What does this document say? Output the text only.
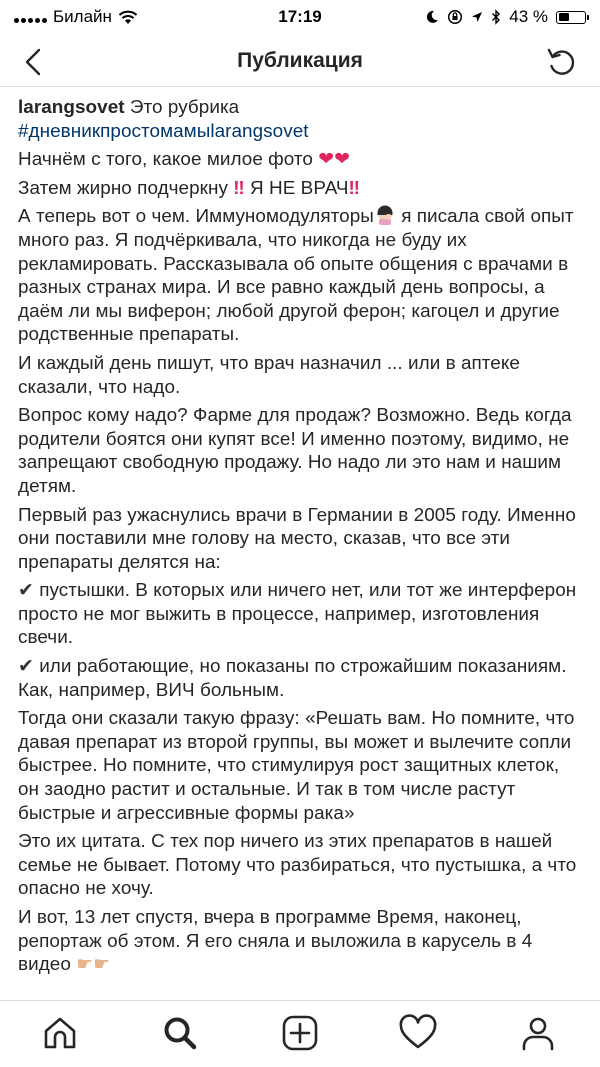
Билайн	17:19	43 %
Публикация

larangsovet Это рубрика
#дневникпростомамыlarangsovet

Начнём с того, какое милое фото ❤❤

Затем жирно подчеркну ‼ Я НЕ ВРАЧ‼

А теперь вот о чем. Иммуномодуляторы я писала свой опыт много раз. Я подчёркивала, что никогда не буду их рекламировать. Рассказывала об опыте общения с врачами в разных странах мира. И все равно каждый день вопросы, а даём ли мы виферон; любой другой ферон; кагоцел и другие родственные препараты.

И каждый день пишут, что врач назначил ... или в аптеке сказали, что надо.

Вопрос кому надо? Фарме для продаж? Возможно. Ведь когда родители боятся они купят все! И именно поэтому, видимо, не запрещают свободную продажу. Но надо ли это нам и нашим детям.

Первый раз ужаснулись врачи в Германии в 2005 году. Именно они поставили мне голову на место, сказав, что все эти препараты делятся на:

✔ пустышки. В которых или ничего нет, или тот же интерферон просто не мог выжить в процессе, например, изготовления свечи.

✔ или работающие, но показаны по строжайшим показаниям. Как, например, ВИЧ больным.

Тогда они сказали такую фразу: «Решать вам. Но помните, что давая препарат из второй группы, вы может и вылечите сопли быстрее. Но помните, что стимулируя рост защитных клеток, он заодно растит и остальные. И так в том числе растут быстрые и агрессивные формы рака»

Это их цитата. С тех пор ничего из этих препаратов в нашей семье не бывает. Потому что разбираться, что пустышка, а что опасно не хочу.

И вот, 13 лет спустя, вчера в программе Время, наконец, репортаж об этом. Я его сняла и выложила в карусель в 4 видео ☛☛
